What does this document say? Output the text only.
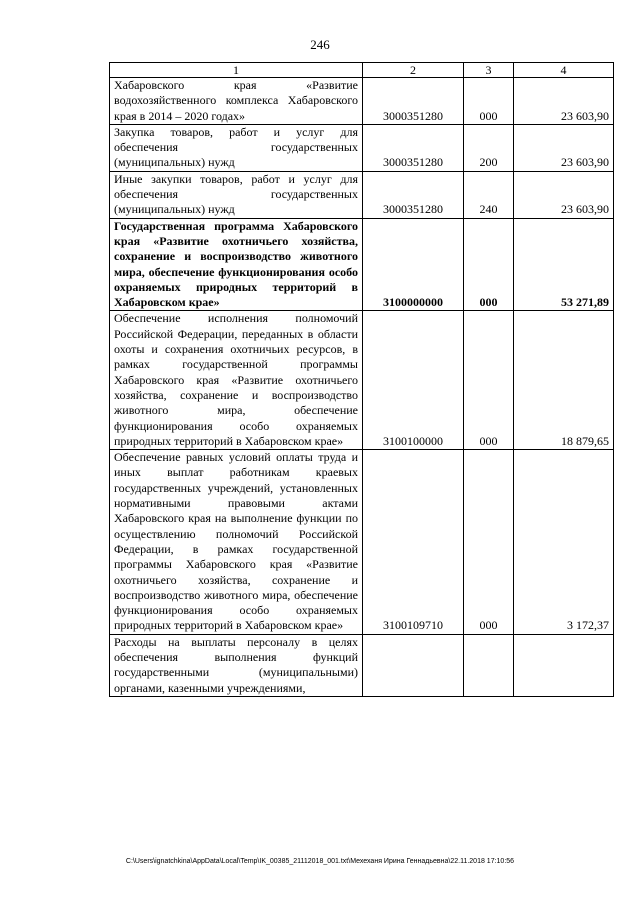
246
1	2	3	4
Хабаровского края «Развитие водохозяйственного комплекса Хабаровского края в 2014 – 2020 годах»	3000351280	000	23 603,90
Закупка товаров, работ и услуг для обеспечения государственных (муниципальных) нужд	3000351280	200	23 603,90
Иные закупки товаров, работ и услуг для обеспечения государственных (муниципальных) нужд	3000351280	240	23 603,90
Государственная программа Хабаровского края «Развитие охотничьего хозяйства, сохранение и воспроизводство животного мира, обеспечение функционирования особо охраняемых природных территорий в Хабаровском крае»	3100000000	000	53 271,89
Обеспечение исполнения полномочий Российской Федерации, переданных в области охоты и сохранения охотничьих ресурсов, в рамках государственной программы Хабаровского края «Развитие охотничьего хозяйства, сохранение и воспроизводство животного мира, обеспечение функционирования особо охраняемых природных территорий в Хабаровском крае»	3100100000	000	18 879,65
Обеспечение равных условий оплаты труда и иных выплат работникам краевых государственных учреждений, установленных нормативными правовыми актами Хабаровского края на выполнение функции по осуществлению полномочий Российской Федерации, в рамках государственной программы Хабаровского края «Развитие охотничьего хозяйства, сохранение и воспроизводство животного мира, обеспечение функционирования особо охраняемых природных территорий в Хабаровском крае»	3100109710	000	3 172,37
Расходы на выплаты персоналу в целях обеспечения выполнения функций государственными (муниципальными) органами, казенными учреждениями,			
C:\Users\ignatchkina\AppData\Local\Temp\IK_00385_21112018_001.txt\Мехеханя Ирина Геннадьевна\22.11.2018 17:10:56
